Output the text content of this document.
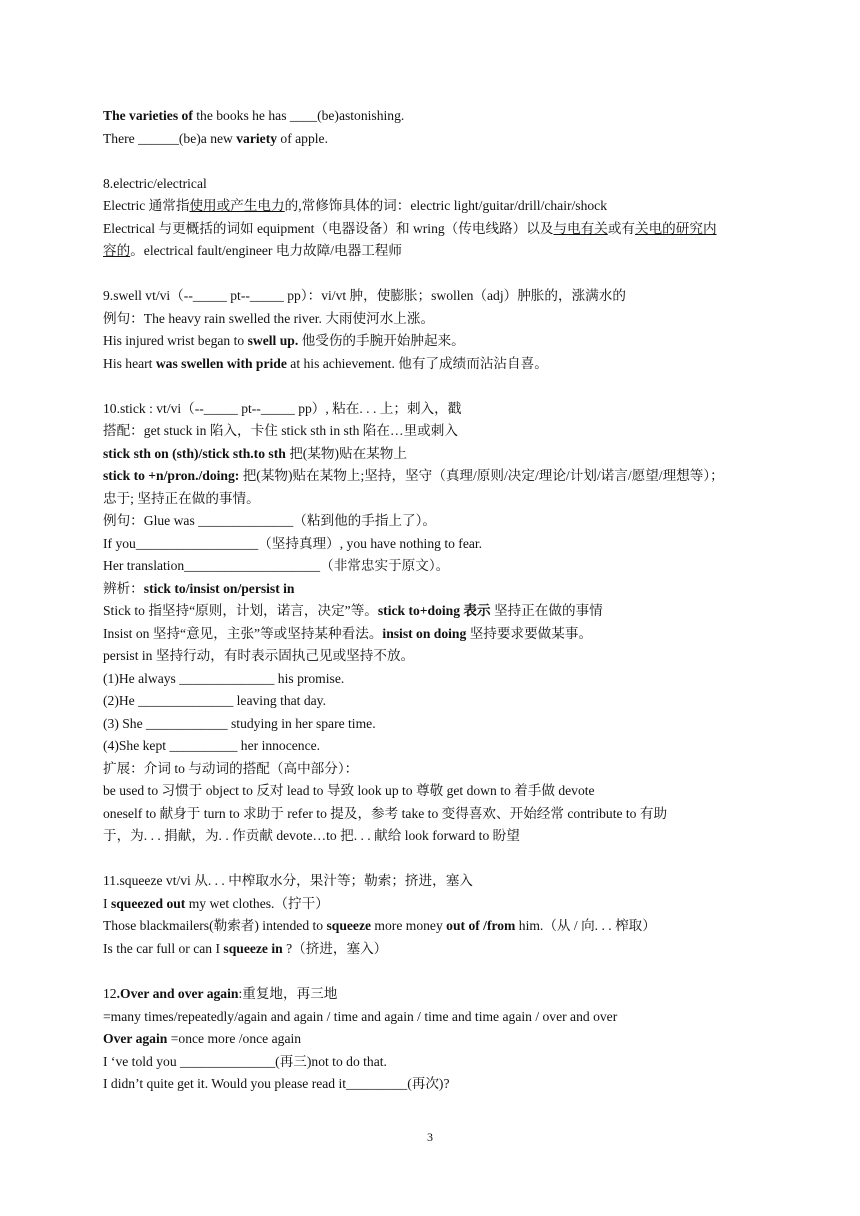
The varieties of the books he has ____(be)astonishing.
There ______(be)a new variety of apple.
8.electric/electrical
Electric 通常指使用或产生电力的,常修饰具体的词：electric light/guitar/drill/chair/shock
Electrical 与更概括的词如 equipment（电器设备）和 wring（传电线路）以及与电有关或有关电的研究内
容的。electrical fault/engineer 电力故障/电器工程师
9.swell vt/vi（--_____ pt--_____ pp）：vi/vt 肿，使膨胀；swollen（adj）肿胀的，涨满水的
例句：The heavy rain swelled the river. 大雨使河水上涨。
His injured wrist began to swell up. 他受伤的手腕开始肿起来。
His heart was swellen with pride at his achievement. 他有了成绩而沾沾自喜。
10.stick : vt/vi（--_____ pt--_____ pp）, 粘在. . . 上；刺入，戳
搭配：get stuck in 陷入，卡住 stick sth in sth 陷在…里或刺入
stick sth on (sth)/stick sth.to sth 把(某物)贴在某物上
stick to +n/pron./doing: 把(某物)贴在某物上;坚持，坚守（真理/原则/决定/理论/计划/诺言/愿望/理想等）；
忠于; 坚持正在做的事情。
例句：Glue was ______________（粘到他的手指上了）。
If you__________________（坚持真理）, you have nothing to fear.
Her translation____________________（非常忠实于原文）。
辨析：stick to/insist on/persist in
Stick to 指坚持“原则，计划，诺言，决定”等。stick to+doing 表示 坚持正在做的事情
Insist on 坚持“意见，主张”等或坚持某种看法。insist on doing 坚持要求要做某事。
persist in 坚持行动，有时表示固执己见或坚持不放。
(1)He always ______________ his promise.
(2)He ______________ leaving that day.
(3) She ____________ studying in her spare time.
(4)She kept __________ her innocence.
扩展：介词 to 与动词的搭配（高中部分）：
be used to 习惯于 object to 反对 lead to 导致 look up to 尊敬 get down to 着手做 devote
oneself to 献身于 turn to 求助于 refer to 提及，参考 take to 变得喜欢、开始经常 contribute to 有助
于，为. . . 捐献，为. . 作贡献 devote…to 把. . . 献给 look forward to 盼望
11.squeeze vt/vi 从. . . 中榨取水分，果汁等；勒索；挤进，塞入
I squeezed out my wet clothes.（拧干）
Those blackmailers(勒索者) intended to squeeze more money out of /from him.（从 / 向. . . 榨取）
Is the car full or can I squeeze in ?（挤进，塞入）
12.Over and over again:重复地，再三地
=many times/repeatedly/again and again / time and again / time and time again / over and over
Over again =once more /once again
I ‘ve told you ______________(再三)not to do that.
I didn’t quite get it. Would you please read it_________(再次)?
3
